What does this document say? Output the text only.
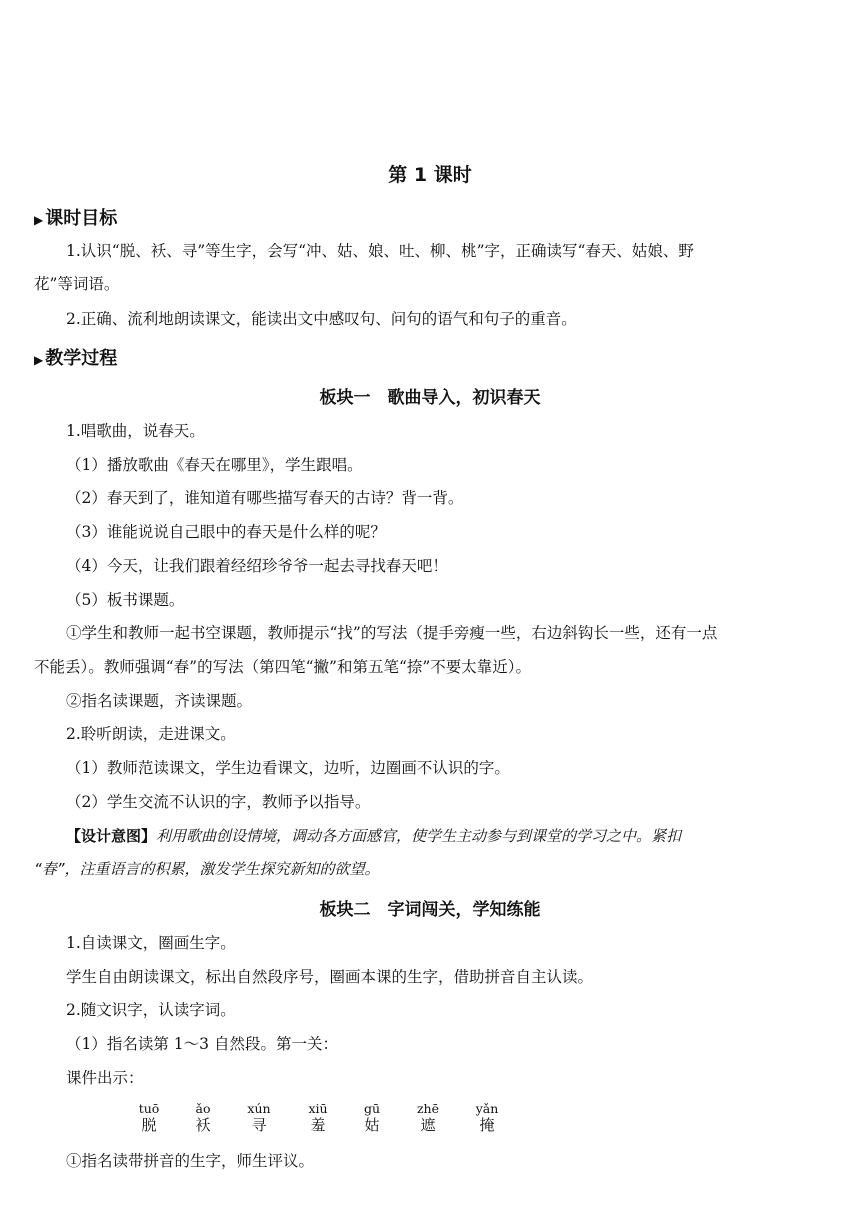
第 1 课时
▶ 课时目标
1.认识“脱、袄、寻”等生字，会写“冲、姑、娘、吐、柳、桃”字，正确读写“春天、姑娘、野
花”等词语。
2.正确、流利地朗读课文，能读出文中感叹句、问句的语气和句子的重音。
▶ 教学过程
板块一　歌曲导入，初识春天
1.唱歌曲，说春天。
（1）播放歌曲《春天在哪里》，学生跟唱。
（2）春天到了，谁知道有哪些描写春天的古诗？背一背。
（3）谁能说说自己眼中的春天是什么样的呢？
（4）今天，让我们跟着经绍珍爷爷一起去寻找春天吧！
（5）板书课题。
①学生和教师一起书空课题，教师提示“找”的写法（提手旁瘦一些，右边斜钩长一些，还有一点
不能丢）。教师强调“春”的写法（第四笔“撇”和第五笔“捺”不要太靠近）。
②指名读课题，齐读课题。
2.聆听朗读，走进课文。
（1）教师范读课文，学生边看课文，边听，边圈画不认识的字。
（2）学生交流不认识的字，教师予以指导。
【设计意图】利用歌曲创设情境，调动各方面感官，使学生主动参与到课堂的学习之中。紧扣
“春”，注重语言的积累，激发学生探究新知的欲望。
板块二　字词闯关，学知练能
1.自读课文，圈画生字。
学生自由朗读课文，标出自然段序号，圈画本课的生字，借助拼音自主认读。
2.随文识字，认读字词。
（1）指名读第 1～3 自然段。第一关：
课件出示：
tuō
脱
ǎo
袄
xún
寻
xiū
羞
gū
姑
zhē
遮
yǎn
掩
①指名读带拼音的生字，师生评议。
